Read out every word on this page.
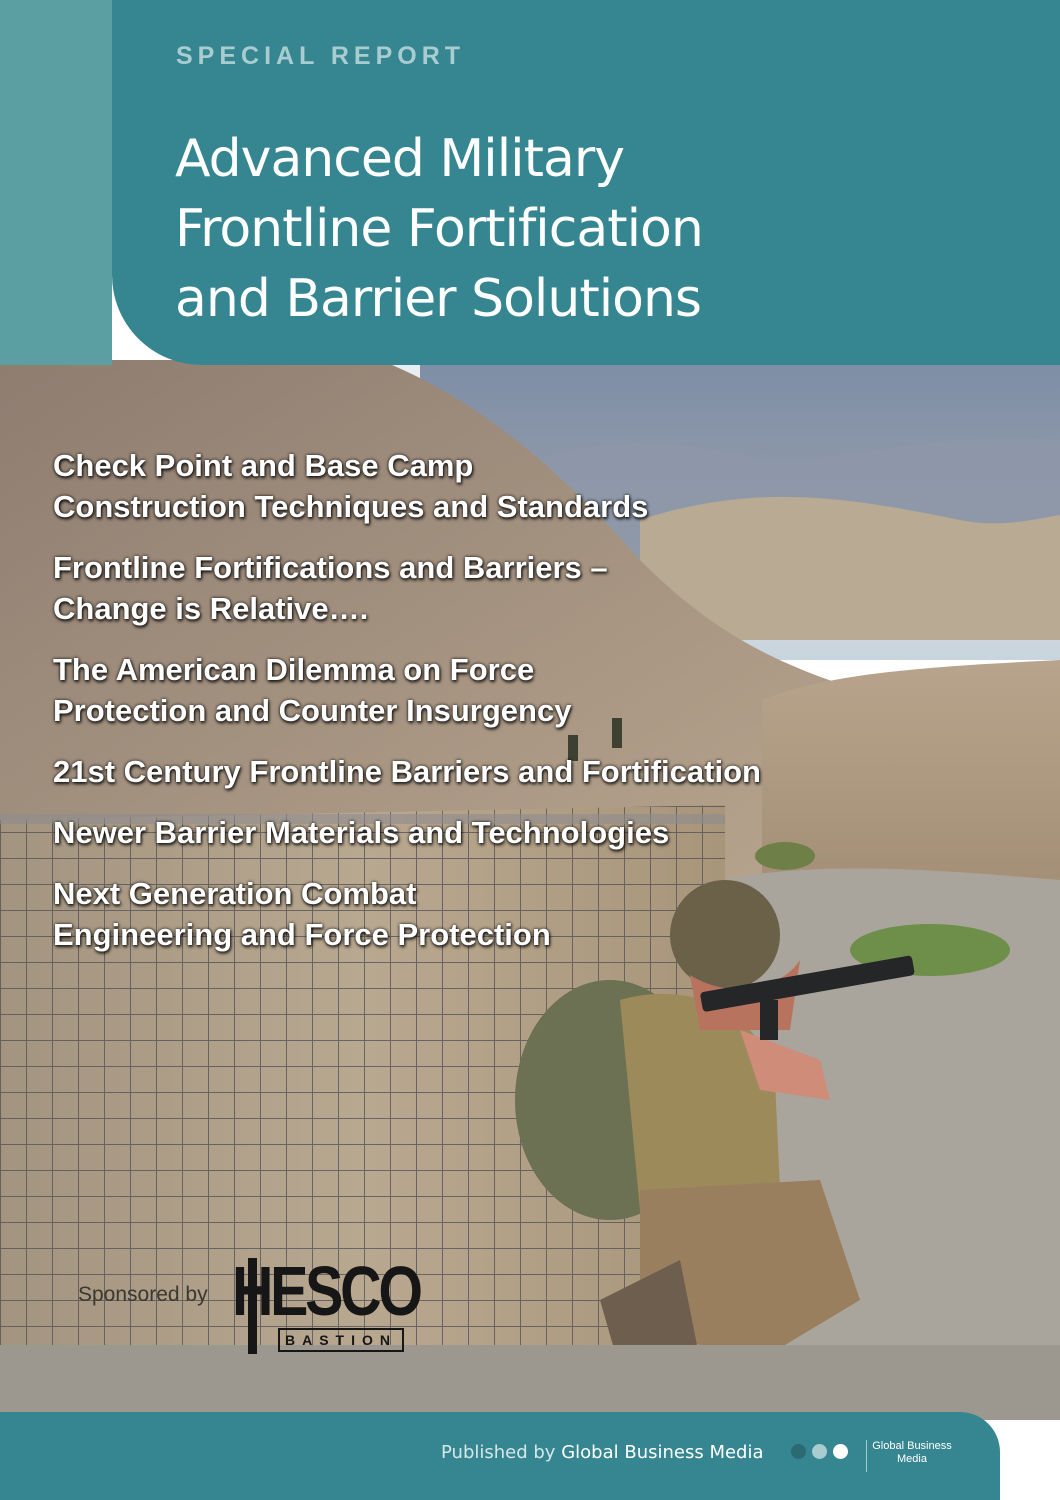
SPECIAL REPORT

Advanced Military
Frontline Fortification
and Barrier Solutions
Check Point and Base Camp
Construction Techniques and Standards
Frontline Fortifications and Barriers –
Change is Relative….
The American Dilemma on Force
Protection and Counter Insurgency
21st Century Frontline Barriers and Fortification
Newer Barrier Materials and Technologies
Next Generation Combat
Engineering and Force Protection

Sponsored by HESCO
BASTION

Published by Global Business Media	Global Business
Media
